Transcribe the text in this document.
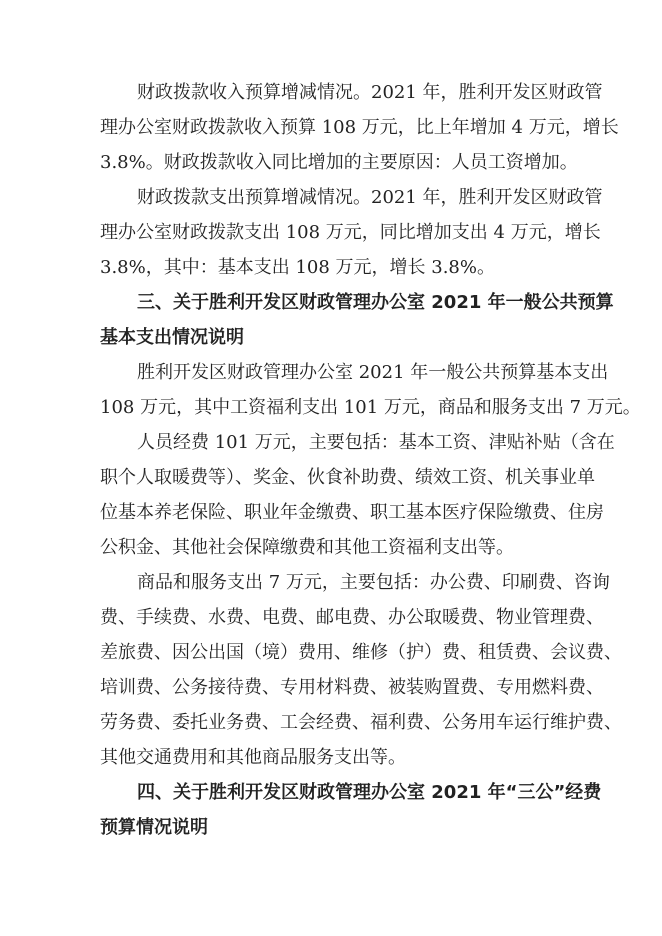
财政拨款收入预算增减情况。2021 年，胜利开发区财政管
理办公室财政拨款收入预算 108 万元，比上年增加 4 万元，增长
3.8%。财政拨款收入同比增加的主要原因：人员工资增加。
财政拨款支出预算增减情况。2021 年，胜利开发区财政管
理办公室财政拨款支出 108 万元，同比增加支出 4 万元，增长
3.8%，其中：基本支出 108 万元，增长 3.8%。
三、关于胜利开发区财政管理办公室 2021 年一般公共预算
基本支出情况说明
胜利开发区财政管理办公室 2021 年一般公共预算基本支出
108 万元，其中工资福利支出 101 万元，商品和服务支出 7 万元。
人员经费 101 万元，主要包括：基本工资、津贴补贴（含在
职个人取暖费等）、奖金、伙食补助费、绩效工资、机关事业单
位基本养老保险、职业年金缴费、职工基本医疗保险缴费、住房
公积金、其他社会保障缴费和其他工资福利支出等。
商品和服务支出 7 万元，主要包括：办公费、印刷费、咨询
费、手续费、水费、电费、邮电费、办公取暖费、物业管理费、
差旅费、因公出国（境）费用、维修（护）费、租赁费、会议费、
培训费、公务接待费、专用材料费、被装购置费、专用燃料费、
劳务费、委托业务费、工会经费、福利费、公务用车运行维护费、
其他交通费用和其他商品服务支出等。
四、关于胜利开发区财政管理办公室 2021 年“三公”经费
预算情况说明
